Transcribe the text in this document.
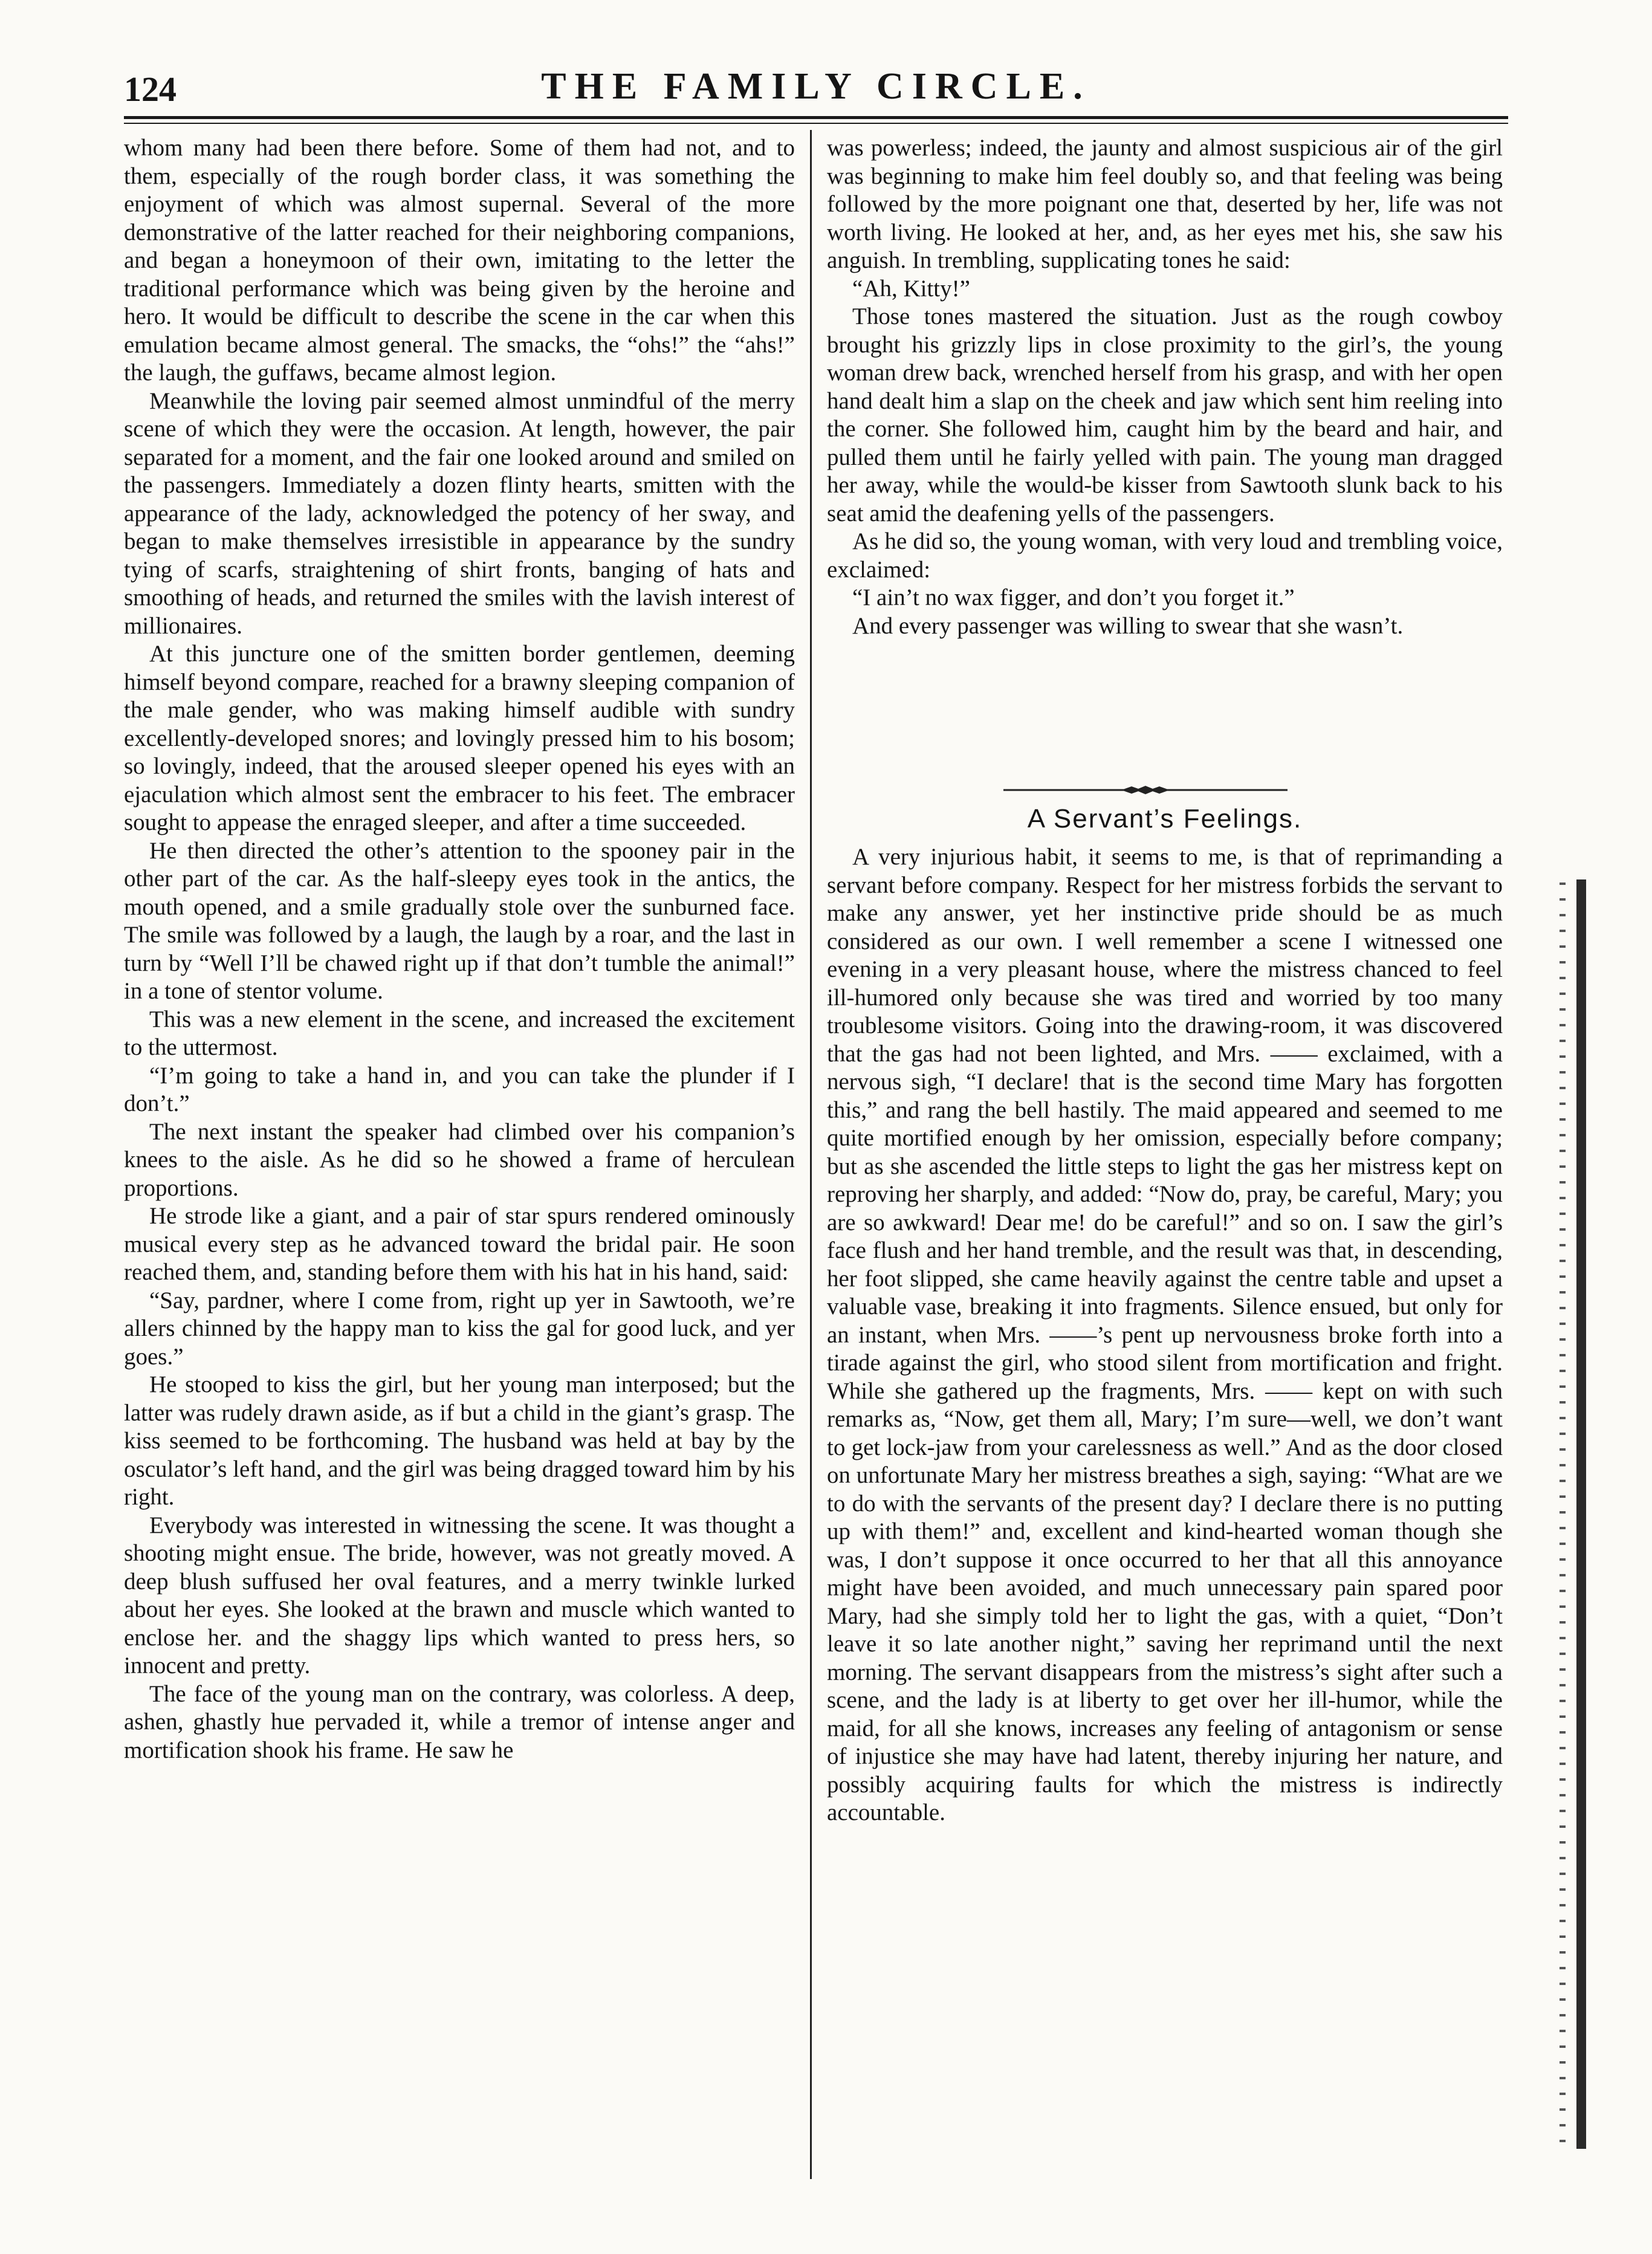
124	THE FAMILY CIRCLE.

whom many had been there before. Some of them had not, and to them, especially of the rough border class, it was something the enjoyment of which was almost supernal. Several of the more demonstrative of the latter reached for their neighboring companions, and began a honeymoon of their own, imitating to the letter the traditional performance which was being given by the heroine and hero. It would be difficult to describe the scene in the car when this emulation became almost general. The smacks, the “ohs!” the “ahs!” the laugh, the guffaws, became almost legion.

Meanwhile the loving pair seemed almost unmindful of the merry scene of which they were the occasion. At length, however, the pair separated for a moment, and the fair one looked around and smiled on the passengers. Immediately a dozen flinty hearts, smitten with the appearance of the lady, acknowledged the potency of her sway, and began to make themselves irresistible in appearance by the sundry tying of scarfs, straightening of shirt fronts, banging of hats and smoothing of heads, and returned the smiles with the lavish interest of millionaires.

At this juncture one of the smitten border gentlemen, deeming himself beyond compare, reached for a brawny sleeping companion of the male gender, who was making himself audible with sundry excellently-developed snores; and lovingly pressed him to his bosom; so lovingly, indeed, that the aroused sleeper opened his eyes with an ejaculation which almost sent the embracer to his feet. The embracer sought to appease the enraged sleeper, and after a time succeeded.

He then directed the other’s attention to the spooney pair in the other part of the car. As the half-sleepy eyes took in the antics, the mouth opened, and a smile gradually stole over the sunburned face. The smile was followed by a laugh, the laugh by a roar, and the last in turn by “Well I’ll be chawed right up if that don’t tumble the animal!” in a tone of stentor volume.

This was a new element in the scene, and increased the excitement to the uttermost.

“I’m going to take a hand in, and you can take the plunder if I don’t.”

The next instant the speaker had climbed over his companion’s knees to the aisle. As he did so he showed a frame of herculean proportions.

He strode like a giant, and a pair of star spurs rendered ominously musical every step as he advanced toward the bridal pair. He soon reached them, and, standing before them with his hat in his hand, said:

“Say, pardner, where I come from, right up yer in Sawtooth, we’re allers chinned by the happy man to kiss the gal for good luck, and yer goes.”

He stooped to kiss the girl, but her young man interposed; but the latter was rudely drawn aside, as if but a child in the giant’s grasp. The kiss seemed to be forthcoming. The husband was held at bay by the osculator’s left hand, and the girl was being dragged toward him by his right.

Everybody was interested in witnessing the scene. It was thought a shooting might ensue. The bride, however, was not greatly moved. A deep blush suffused her oval features, and a merry twinkle lurked about her eyes. She looked at the brawn and muscle which wanted to enclose her. and the shaggy lips which wanted to press hers, so innocent and pretty.

The face of the young man on the contrary, was colorless. A deep, ashen, ghastly hue pervaded it, while a tremor of intense anger and mortification shook his frame. He saw he

was powerless; indeed, the jaunty and almost suspicious air of the girl was beginning to make him feel doubly so, and that feeling was being followed by the more poignant one that, deserted by her, life was not worth living. He looked at her, and, as her eyes met his, she saw his anguish. In trembling, supplicating tones he said:

“Ah, Kitty!”

Those tones mastered the situation. Just as the rough cowboy brought his grizzly lips in close proximity to the girl’s, the young woman drew back, wrenched herself from his grasp, and with her open hand dealt him a slap on the cheek and jaw which sent him reeling into the corner. She followed him, caught him by the beard and hair, and pulled them until he fairly yelled with pain. The young man dragged her away, while the would-be kisser from Sawtooth slunk back to his seat amid the deafening yells of the passengers.

As he did so, the young woman, with very loud and trembling voice, exclaimed:

“I ain’t no wax figger, and don’t you forget it.”

And every passenger was willing to swear that she wasn’t.

A Servant’s Feelings.

A very injurious habit, it seems to me, is that of reprimanding a servant before company. Respect for her mistress forbids the servant to make any answer, yet her instinctive pride should be as much considered as our own. I well remember a scene I witnessed one evening in a very pleasant house, where the mistress chanced to feel ill-humored only because she was tired and worried by too many troublesome visitors. Going into the drawing-room, it was discovered that the gas had not been lighted, and Mrs. —— exclaimed, with a nervous sigh, “I declare! that is the second time Mary has forgotten this,” and rang the bell hastily. The maid appeared and seemed to me quite mortified enough by her omission, especially before company; but as she ascended the little steps to light the gas her mistress kept on reproving her sharply, and added: “Now do, pray, be careful, Mary; you are so awkward! Dear me! do be careful!” and so on. I saw the girl’s face flush and her hand tremble, and the result was that, in descending, her foot slipped, she came heavily against the centre table and upset a valuable vase, breaking it into fragments. Silence ensued, but only for an instant, when Mrs. ——’s pent up nervousness broke forth into a tirade against the girl, who stood silent from mortification and fright. While she gathered up the fragments, Mrs. —— kept on with such remarks as, “Now, get them all, Mary; I’m sure—well, we don’t want to get lock-jaw from your carelessness as well.” And as the door closed on unfortunate Mary her mistress breathes a sigh, saying: “What are we to do with the servants of the present day? I declare there is no putting up with them!” and, excellent and kind-hearted woman though she was, I don’t suppose it once occurred to her that all this annoyance might have been avoided, and much unnecessary pain spared poor Mary, had she simply told her to light the gas, with a quiet, “Don’t leave it so late another night,” saving her reprimand until the next morning. The servant disappears from the mistress’s sight after such a scene, and the lady is at liberty to get over her ill-humor, while the maid, for all she knows, increases any feeling of antagonism or sense of injustice she may have had latent, thereby injuring her nature, and possibly acquiring faults for which the mistress is indirectly accountable.
